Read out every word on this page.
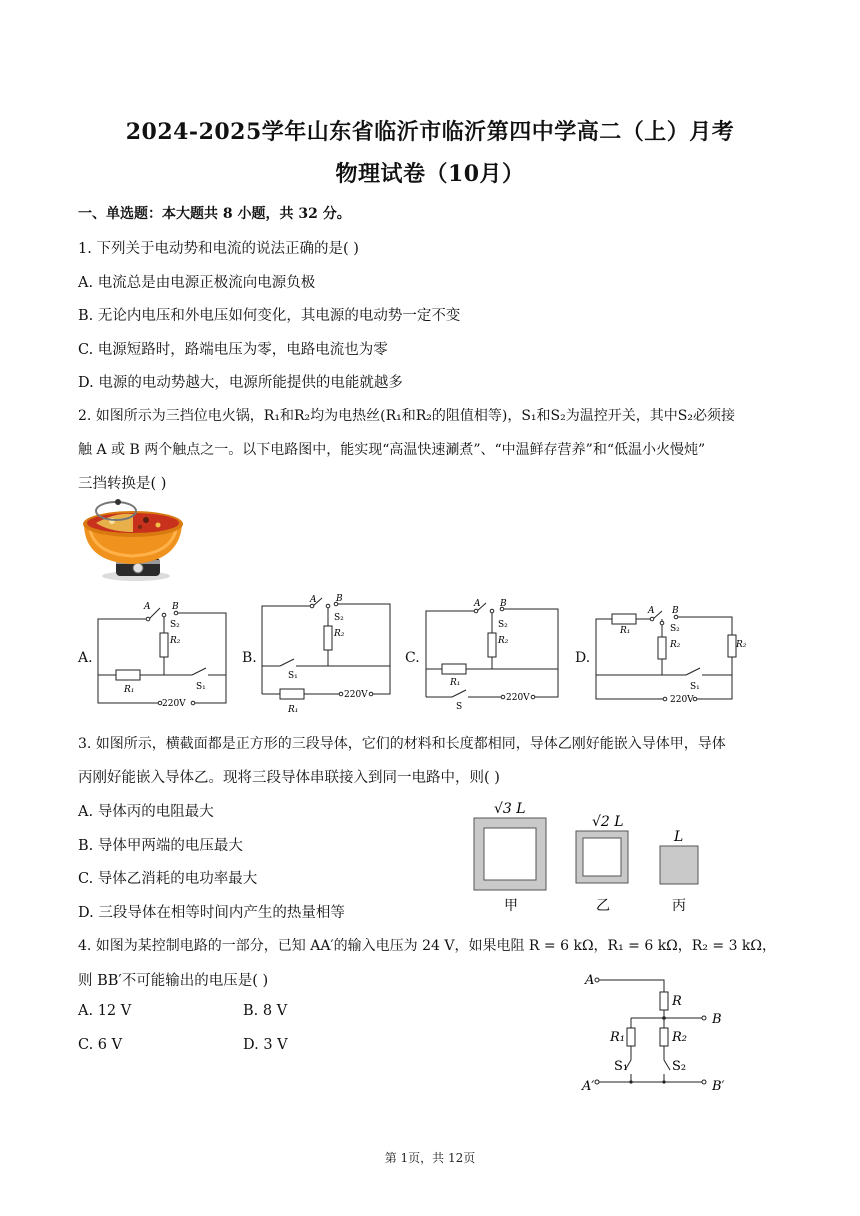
2024-2025学年山东省临沂市临沂第四中学高二（上）月考
物理试卷（10月）
一、单选题：本大题共 8 小题，共 32 分。
1. 下列关于电动势和电流的说法正确的是( )
A. 电流总是由电源正极流向电源负极
B. 无论内电压和外电压如何变化，其电源的电动势一定不变
C. 电源短路时，路端电压为零，电路电流也为零
D. 电源的电动势越大，电源所能提供的电能就越多
2. 如图所示为三挡位电火锅，R₁和R₂均为电热丝(R₁和R₂的阻值相等)，S₁和S₂为温控开关，其中S₂必须接
触 A 或 B 两个触点之一。以下电路图中，能实现“高温快速涮煮”、“中温鲜存营养”和“低温小火慢炖”
三挡转换是( )
A.	B.	C.	D.
A B
S₂
R₂
R₁	S₁
220V
A B
S₂
R₂
S₁
R₁
220V
A B
S₂
R₂
R₁
S
220V
A B
R₁	S₂
R₂	R₂
S₁
220V
3. 如图所示，横截面都是正方形的三段导体，它们的材料和长度都相同，导体乙刚好能嵌入导体甲，导体
丙刚好能嵌入导体乙。现将三段导体串联接入到同一电路中，则( )
A. 导体丙的电阻最大
B. 导体甲两端的电压最大
C. 导体乙消耗的电功率最大
D. 三段导体在相等时间内产生的热量相等
√3 L
√2 L
L
甲	乙	丙
4. 如图为某控制电路的一部分，已知 AA′的输入电压为 24 V，如果电阻 R = 6 kΩ，R₁ = 6 kΩ，R₂ = 3 kΩ，
则 BB′不可能输出的电压是( )
A. 12 V	B. 8 V
C. 6 V	D. 3 V
A
R
B
R₁	R₂
S₁	S₂
A′	B′
第 1页，共 12页
